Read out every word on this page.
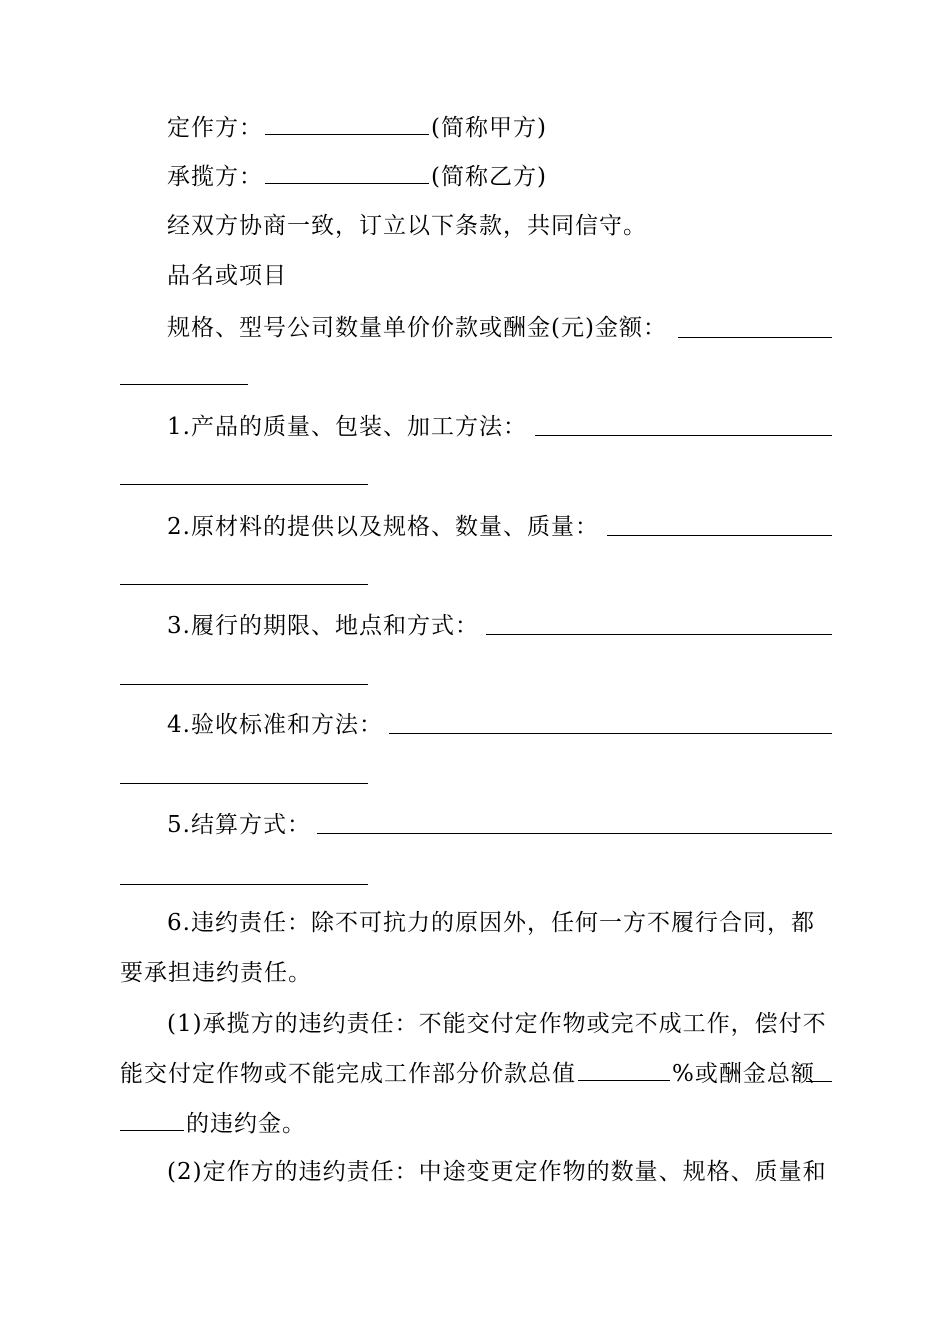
定作方：	(简称甲方)
承揽方：	(简称乙方)
经双方协商一致，订立以下条款，共同信守。
品名或项目
规格、型号公司数量单价价款或酬金(元)金额：
1.产品的质量、包装、加工方法：
2.原材料的提供以及规格、数量、质量：
3.履行的期限、地点和方式：
4.验收标准和方法：
5.结算方式：
6.违约责任：除不可抗力的原因外，任何一方不履行合同，都
要承担违约责任。
(1)承揽方的违约责任：不能交付定作物或完不成工作，偿付不
能交付定作物或不能完成工作部分价款总值	%或酬金总额
的违约金。
(2)定作方的违约责任：中途变更定作物的数量、规格、质量和
